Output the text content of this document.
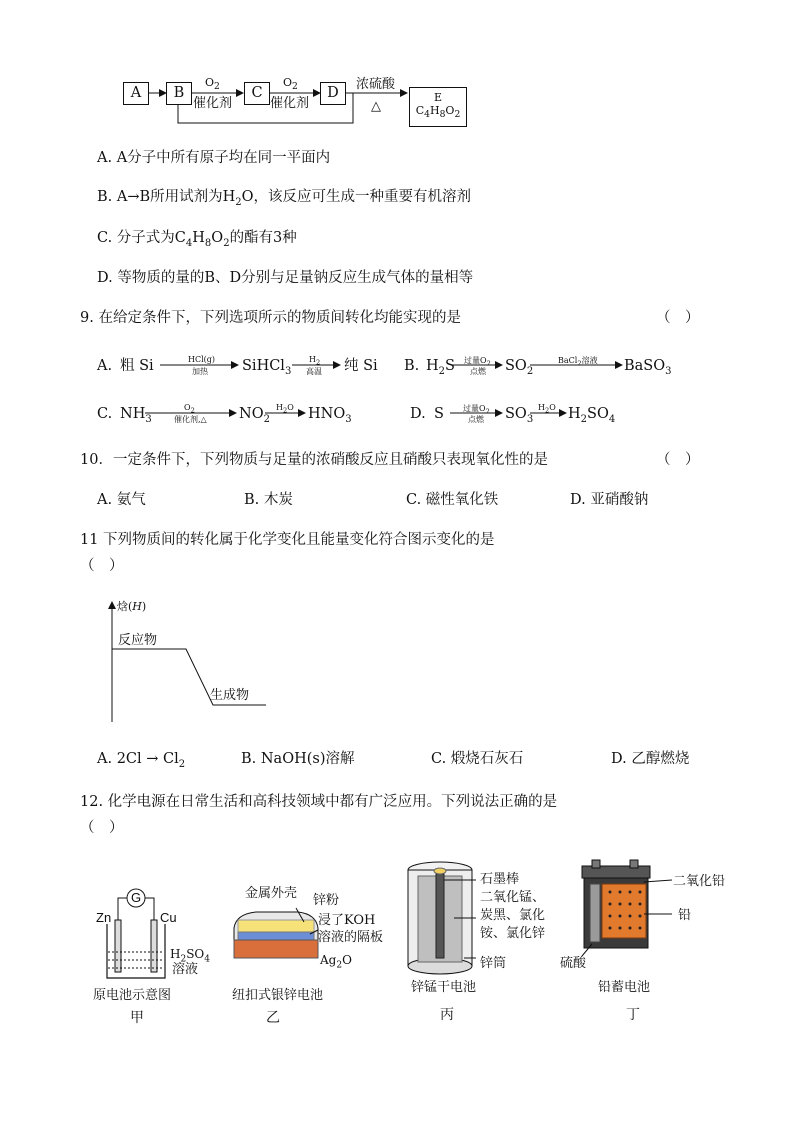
A	B	C	D	E
$C_4H_8O_2$
$O_2$
催化剂
$O_2$
催化剂
浓硫酸
△
A. A分子中所有原子均在同一平面内
B. A→B所用试剂为$H_2O$，该反应可生成一种重要有机溶剂
C. 分子式为$C_4H_8O_2$的酯有3种
D. 等物质的量的B、D分别与足量钠反应生成气体的量相等
9. 在给定条件下，下列选项所示的物质间转化均能实现的是	（　）
A. 粗 Si	HCl(g)
加热 SiHCl$_3$
$H_2$
高温 纯 Si B. $H_2S$ 过量$O_2$
点燃 $SO_2$
BaCl$_2$溶液 BaSO$_3$
C. $NH_3$
$O_2$
催化剂,△ $NO_2$
$H_2O$ $HNO_3$	D. S 过量$O_2$
点燃 $SO_3$
$H_2O$ $H_2SO_4$
10．一定条件下，下列物质与足量的浓硝酸反应且硝酸只表现氧化性的是	（　）
A. 氨气	B. 木炭	C. 磁性氧化铁	D. 亚硝酸钠
11 下列物质间的转化属于化学变化且能量变化符合图示变化的是
（　）
焓(H)
反应物
生成物
A. $2Cl \to Cl_2$	B. NaOH(s)溶解	C. 煅烧石灰石	D. 乙醇燃烧
12. 化学电源在日常生活和高科技领域中都有广泛应用。下列说法正确的是
（　）
G
Zn	Cu
$H_2SO_4$
溶液
原电池示意图
甲
金属外壳 锌粉
浸了KOH
溶液的隔板
$Ag_2O$
纽扣式银锌电池
乙
石墨棒
二氧化锰、
炭黑、氯化
铵、氯化锌
锌筒
锌锰干电池
丙
二氧化铅
铅
硫酸
铅蓄电池
丁
